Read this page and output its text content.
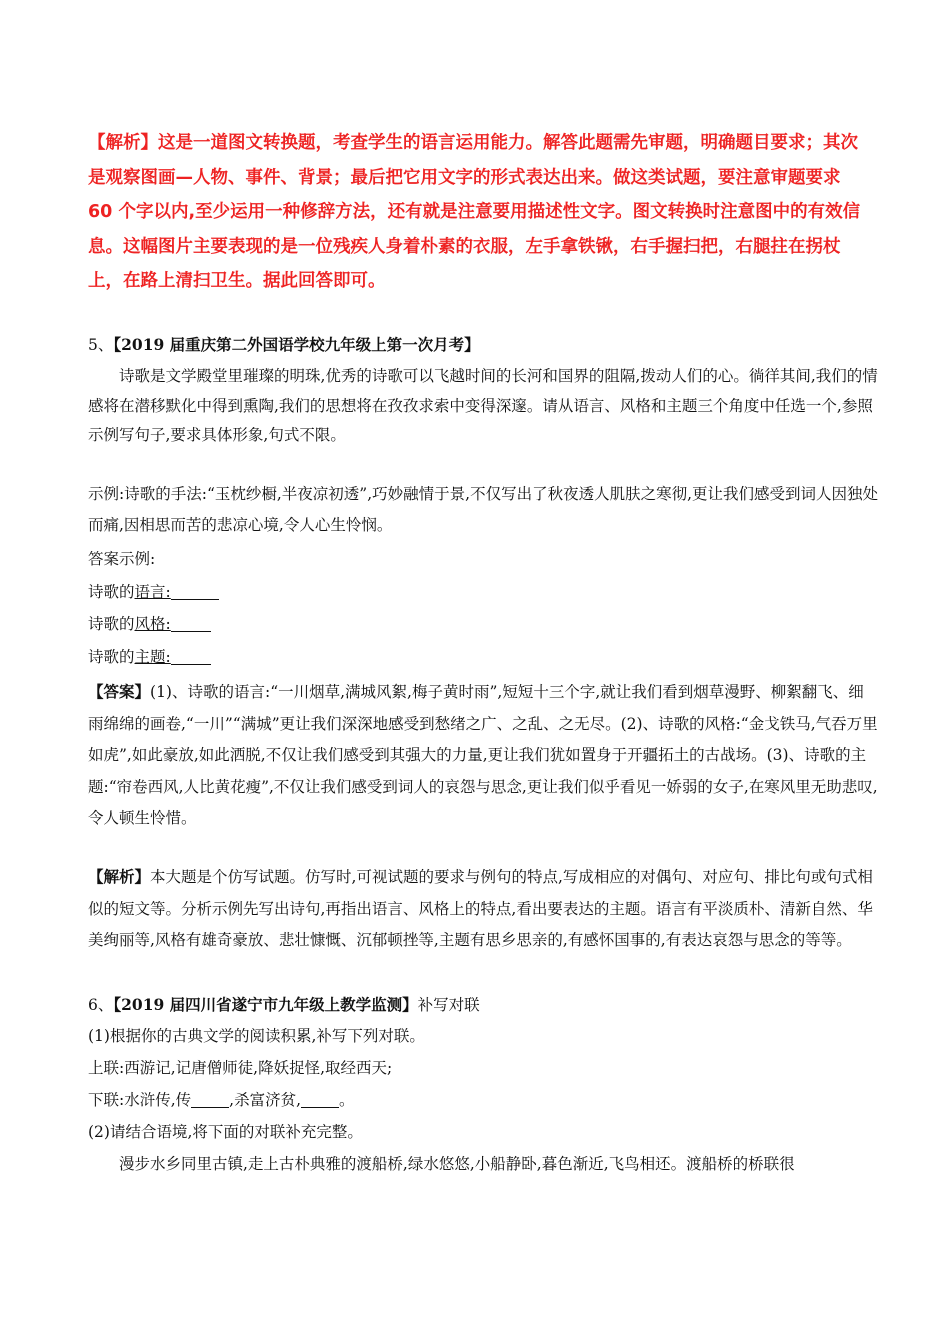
【解析】这是一道图文转换题，考查学生的语言运用能力。解答此题需先审题，明确题目要求；其次是观察图画—人物、事件、背景；最后把它用文字的形式表达出来。做这类试题，要注意审题要求 60 个字以内,至少运用一种修辞方法，还有就是注意要用描述性文字。图文转换时注意图中的有效信息。这幅图片主要表现的是一位残疾人身着朴素的衣服，左手拿铁锹，右手握扫把，右腿拄在拐杖上，在路上清扫卫生。据此回答即可。

5、【2019 届重庆第二外国语学校九年级上第一次月考】

诗歌是文学殿堂里璀璨的明珠,优秀的诗歌可以飞越时间的长河和国界的阻隔,拨动人们的心。徜徉其间,我们的情感将在潜移默化中得到熏陶,我们的思想将在孜孜求索中变得深邃。请从语言、风格和主题三个角度中任选一个,参照示例写句子,要求具体形象,句式不限。

示例:诗歌的手法:“玉枕纱橱,半夜凉初透”,巧妙融情于景,不仅写出了秋夜透人肌肤之寒彻,更让我们感受到词人因独处而痛,因相思而苦的悲凉心境,令人心生怜悯。

答案示例:
诗歌的语言:
诗歌的风格:
诗歌的主题:

【答案】(1)、诗歌的语言:“一川烟草,满城风絮,梅子黄时雨”,短短十三个字,就让我们看到烟草漫野、柳絮翻飞、细雨绵绵的画卷,“一川”“满城”更让我们深深地感受到愁绪之广、之乱、之无尽。(2)、诗歌的风格:“金戈铁马,气吞万里如虎”,如此豪放,如此洒脱,不仅让我们感受到其强大的力量,更让我们犹如置身于开疆拓土的古战场。(3)、诗歌的主题:“帘卷西风,人比黄花瘦”,不仅让我们感受到词人的哀怨与思念,更让我们似乎看见一娇弱的女子,在寒风里无助悲叹,令人顿生怜惜。

【解析】本大题是个仿写试题。仿写时,可视试题的要求与例句的特点,写成相应的对偶句、对应句、排比句或句式相似的短文等。分析示例先写出诗句,再指出语言、风格上的特点,看出要表达的主题。语言有平淡质朴、清新自然、华美绚丽等,风格有雄奇豪放、悲壮慷慨、沉郁顿挫等,主题有思乡思亲的,有感怀国事的,有表达哀怨与思念的等等。

6、【2019 届四川省遂宁市九年级上教学监测】补写对联
(1)根据你的古典文学的阅读积累,补写下列对联。
上联:西游记,记唐僧师徒,降妖捉怪,取经西天;
下联:水浒传,传 ,杀富济贫, 。
(2)请结合语境,将下面的对联补充完整。
漫步水乡同里古镇,走上古朴典雅的渡船桥,绿水悠悠,小船静卧,暮色渐近,飞鸟相还。渡船桥的桥联很
